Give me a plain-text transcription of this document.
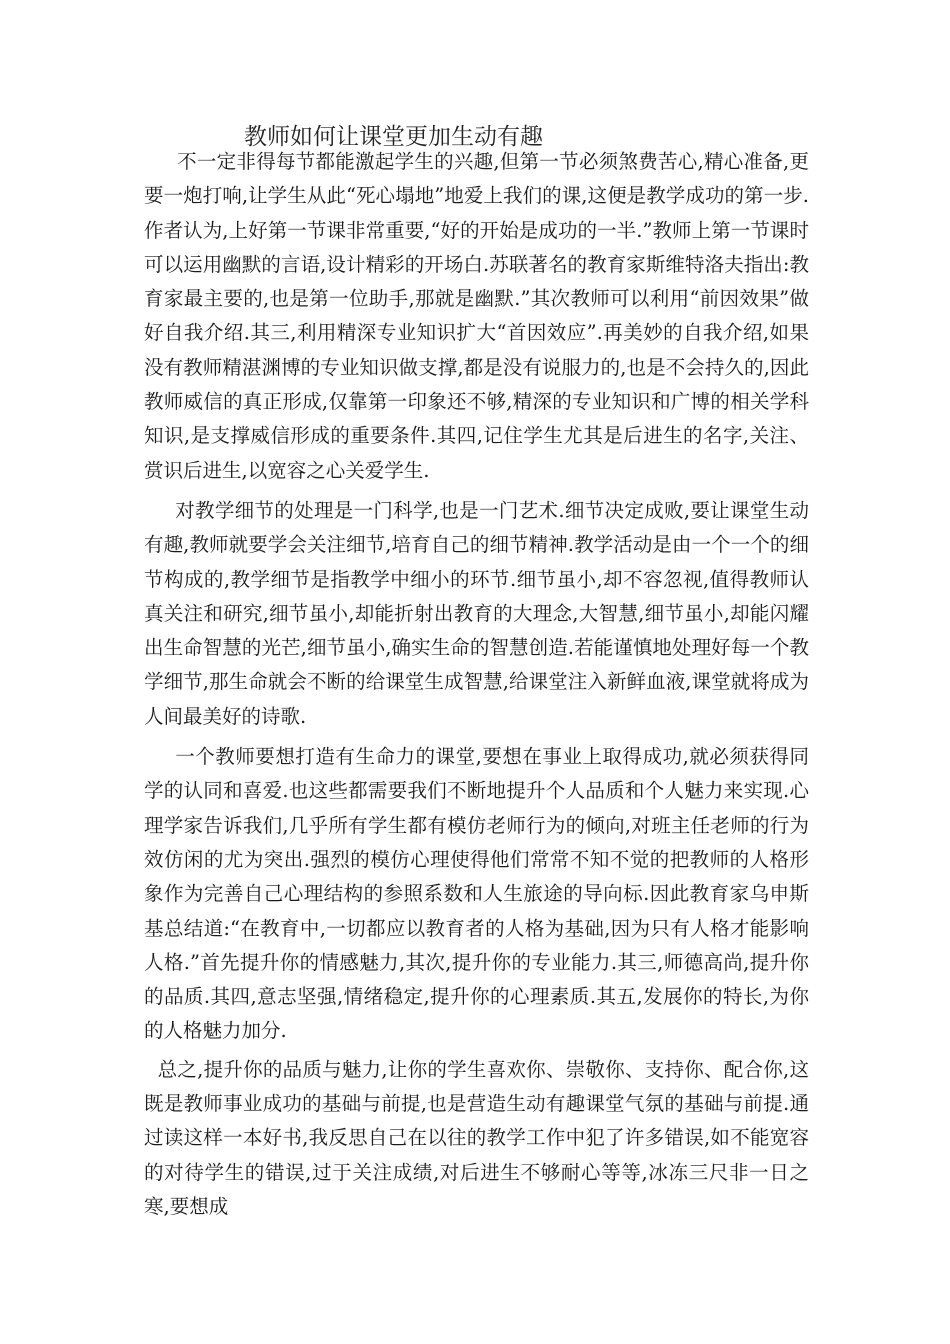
教师如何让课堂更加生动有趣

不一定非得每节都能激起学生的兴趣,但第一节必须煞费苦心,精心准备,更要一炮打响,让学生从此“死心塌地”地爱上我们的课,这便是教学成功的第一步.作者认为,上好第一节课非常重要,“好的开始是成功的一半.”教师上第一节课时可以运用幽默的言语,设计精彩的开场白.苏联著名的教育家斯维特洛夫指出:教育家最主要的,也是第一位助手,那就是幽默.”其次教师可以利用“前因效果”做好自我介绍.其三,利用精深专业知识扩大“首因效应”.再美妙的自我介绍,如果没有教师精湛渊博的专业知识做支撑,都是没有说服力的,也是不会持久的,因此教师威信的真正形成,仅靠第一印象还不够,精深的专业知识和广博的相关学科知识,是支撑威信形成的重要条件.其四,记住学生尤其是后进生的名字,关注、赏识后进生,以宽容之心关爱学生.

对教学细节的处理是一门科学,也是一门艺术.细节决定成败,要让课堂生动有趣,教师就要学会关注细节,培育自己的细节精神.教学活动是由一个一个的细节构成的,教学细节是指教学中细小的环节.细节虽小,却不容忽视,值得教师认真关注和研究,细节虽小,却能折射出教育的大理念,大智慧,细节虽小,却能闪耀出生命智慧的光芒,细节虽小,确实生命的智慧创造.若能谨慎地处理好每一个教学细节,那生命就会不断的给课堂生成智慧,给课堂注入新鲜血液,课堂就将成为人间最美好的诗歌.

一个教师要想打造有生命力的课堂,要想在事业上取得成功,就必须获得同学的认同和喜爱.也这些都需要我们不断地提升个人品质和个人魅力来实现.心理学家告诉我们,几乎所有学生都有模仿老师行为的倾向,对班主任老师的行为效仿闲的尤为突出.强烈的模仿心理使得他们常常不知不觉的把教师的人格形象作为完善自己心理结构的参照系数和人生旅途的导向标.因此教育家乌申斯基总结道:“在教育中,一切都应以教育者的人格为基础,因为只有人格才能影响人格.”首先提升你的情感魅力,其次,提升你的专业能力.其三,师德高尚,提升你的品质.其四,意志坚强,情绪稳定,提升你的心理素质.其五,发展你的特长,为你的人格魅力加分.

总之,提升你的品质与魅力,让你的学生喜欢你、崇敬你、支持你、配合你,这既是教师事业成功的基础与前提,也是营造生动有趣课堂气氛的基础与前提.通过读这样一本好书,我反思自己在以往的教学工作中犯了许多错误,如不能宽容的对待学生的错误,过于关注成绩,对后进生不够耐心等等,冰冻三尺非一日之寒,要想成
